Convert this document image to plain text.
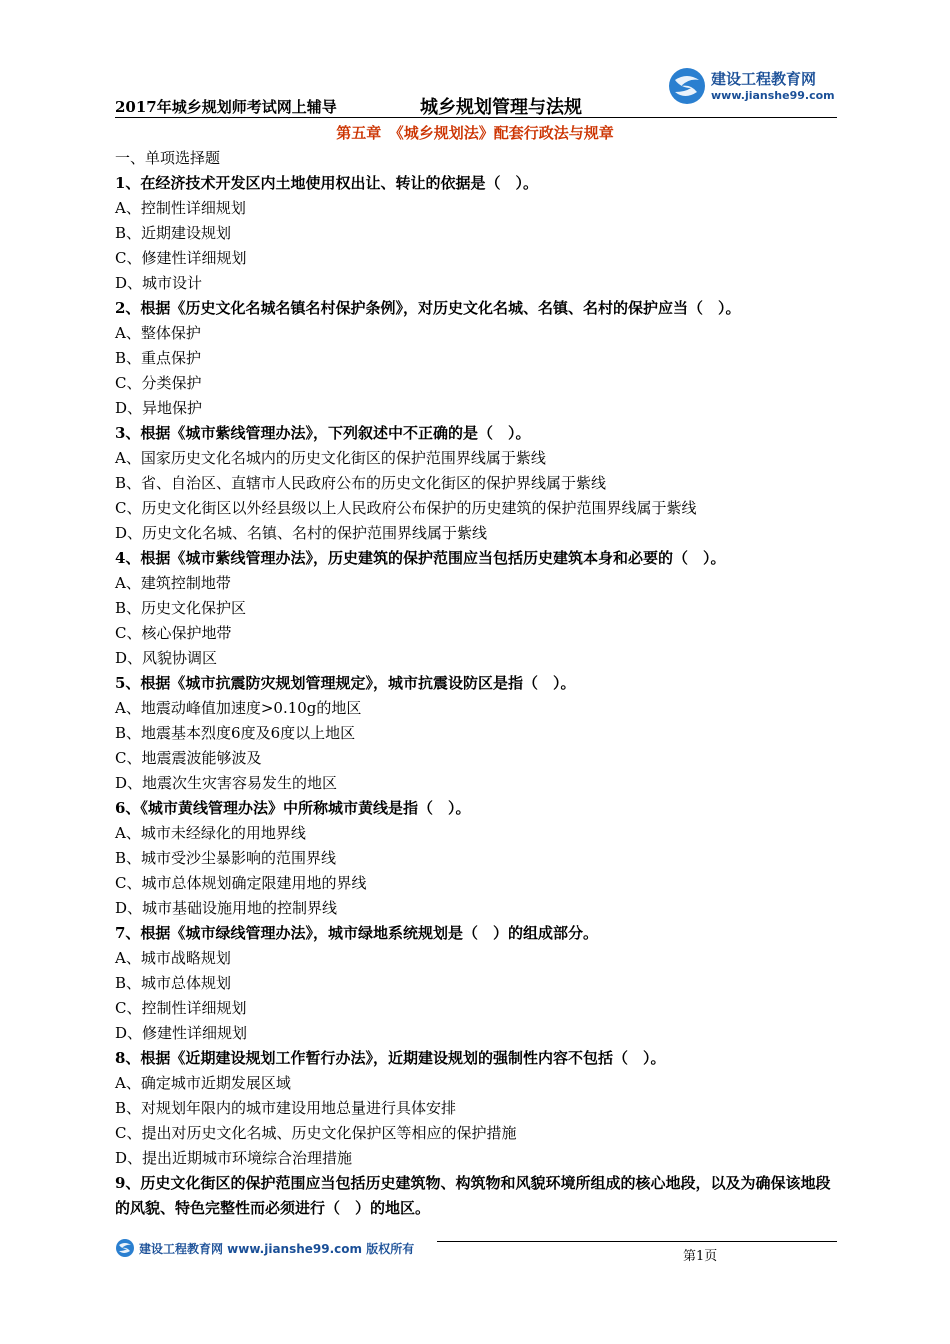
2017年城乡规划师考试网上辅导	城乡规划管理与法规
建设工程教育网
www.jianshe99.com
第五章　《城乡规划法》配套行政法与规章
一、单项选择题
1、在经济技术开发区内土地使用权出让、转让的依据是（　）。
A、控制性详细规划
B、近期建设规划
C、修建性详细规划
D、城市设计
2、根据《历史文化名城名镇名村保护条例》，对历史文化名城、名镇、名村的保护应当（　）。
A、整体保护
B、重点保护
C、分类保护
D、异地保护
3、根据《城市紫线管理办法》，下列叙述中不正确的是（　）。
A、国家历史文化名城内的历史文化街区的保护范围界线属于紫线
B、省、自治区、直辖市人民政府公布的历史文化街区的保护界线属于紫线
C、历史文化街区以外经县级以上人民政府公布保护的历史建筑的保护范围界线属于紫线
D、历史文化名城、名镇、名村的保护范围界线属于紫线
4、根据《城市紫线管理办法》，历史建筑的保护范围应当包括历史建筑本身和必要的（　）。
A、建筑控制地带
B、历史文化保护区
C、核心保护地带
D、风貌协调区
5、根据《城市抗震防灾规划管理规定》，城市抗震设防区是指（　）。
A、地震动峰值加速度>0.10g的地区
B、地震基本烈度6度及6度以上地区
C、地震震波能够波及
D、地震次生灾害容易发生的地区
6、《城市黄线管理办法》中所称城市黄线是指（　）。
A、城市未经绿化的用地界线
B、城市受沙尘暴影响的范围界线
C、城市总体规划确定限建用地的界线
D、城市基础设施用地的控制界线
7、根据《城市绿线管理办法》，城市绿地系统规划是（　）的组成部分。
A、城市战略规划
B、城市总体规划
C、控制性详细规划
D、修建性详细规划
8、根据《近期建设规划工作暂行办法》，近期建设规划的强制性内容不包括（　）。
A、确定城市近期发展区域
B、对规划年限内的城市建设用地总量进行具体安排
C、提出对历史文化名城、历史文化保护区等相应的保护措施
D、提出近期城市环境综合治理措施
9、历史文化街区的保护范围应当包括历史建筑物、构筑物和风貌环境所组成的核心地段，以及为确保该地段的风貌、特色完整性而必须进行（　）的地区。
建设工程教育网 www.jianshe99.com 版权所有	第1页
